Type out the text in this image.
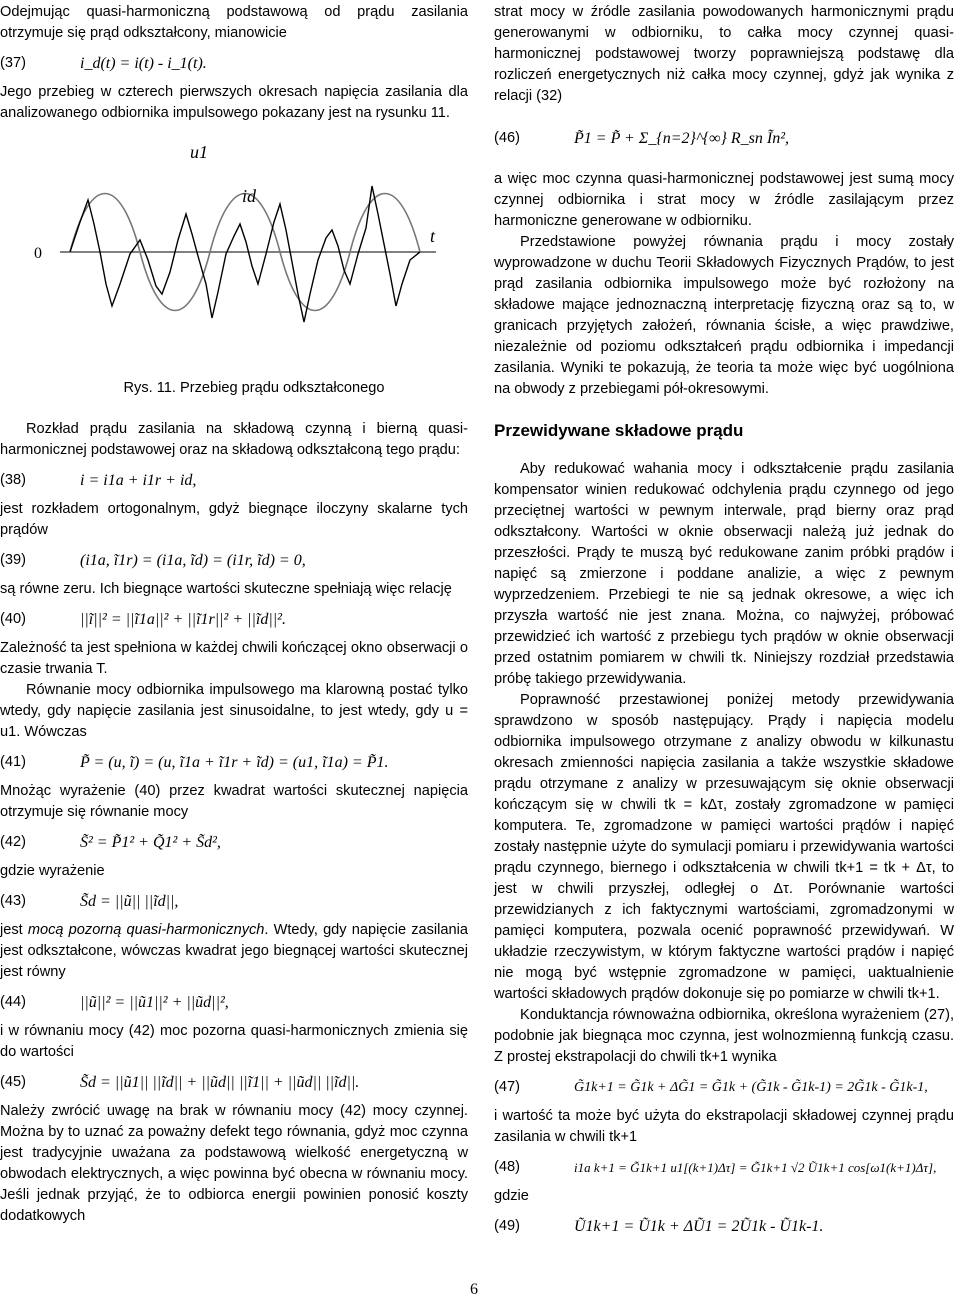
Odejmując quasi-harmoniczną podstawową od prądu zasilania otrzymuje się prąd odkształcony, mianowicie

(37)	i_d(t) = i(t) - i_1(t).

Jego przebieg w czterech pierwszych okresach napięcia zasilania dla analizowanego odbiornika impulsowego pokazany jest na rysunku 11.

u1
id
t
0
Rys. 11. Przebieg prądu odkształconego

Rozkład prądu zasilania na składową czynną i bierną quasi-harmonicznej podstawowej oraz na składową odkształconą tego prądu:

(38)	i = i1a + i1r + id,

jest rozkładem ortogonalnym, gdyż biegnące iloczyny skalarne tych prądów

(39)	(i1a, ĩ1r) = (i1a, ĩd) = (i1r, ĩd) = 0,

są równe zeru. Ich biegnące wartości skuteczne spełniają więc relację

(40)	||ĩ||² = ||ĩ1a||² + ||ĩ1r||² + ||ĩd||².

Zależność ta jest spełniona w każdej chwili kończącej okno obserwacji o czasie trwania T.

Równanie mocy odbiornika impulsowego ma klarowną postać tylko wtedy, gdy napięcie zasilania jest sinusoidalne, to jest wtedy, gdy u = u1. Wówczas

(41)	P̃ = (u, ĩ) = (u, ĩ1a + ĩ1r + ĩd) = (u1, ĩ1a) = P̃1.

Mnożąc wyrażenie (40) przez kwadrat wartości skutecznej napięcia otrzymuje się równanie mocy

(42)	S̃² = P̃1² + Q̃1² + S̃d²,

gdzie wyrażenie

(43)	S̃d = ||ũ|| ||ĩd||,

jest mocą pozorną quasi-harmonicznych. Wtedy, gdy napięcie zasilania jest odkształcone, wówczas kwadrat jego biegnącej wartości skutecznej jest równy

(44)	||ũ||² = ||ũ1||² + ||ũd||²,

i w równaniu mocy (42) moc pozorna quasi-harmonicznych zmienia się do wartości

(45)	S̃d = ||ũ1|| ||ĩd|| + ||ũd|| ||ĩ1|| + ||ũd|| ||ĩd||.

Należy zwrócić uwagę na brak w równaniu mocy (42) mocy czynnej. Można by to uznać za poważny defekt tego równania, gdyż moc czynna jest tradycyjnie uważana za podstawową wielkość energetyczną w obwodach elektrycznych, a więc powinna być obecna w równaniu mocy. Jeśli jednak przyjąć, że to odbiorca energii powinien ponosić koszty dodatkowych

strat mocy w źródle zasilania powodowanych harmonicznymi prądu generowanymi w odbiorniku, to całka mocy czynnej quasi-harmonicznej podstawowej tworzy poprawniejszą podstawę dla rozliczeń energetycznych niż całka mocy czynnej, gdyż jak wynika z relacji (32)

(46)	P̃1 = P̃ + Σ_{n=2}^{∞} R_sn Ĩn²,

a więc moc czynna quasi-harmonicznej podstawowej jest sumą mocy czynnej odbiornika i strat mocy w źródle zasilającym przez harmoniczne generowane w odbiorniku.

Przedstawione powyżej równania prądu i mocy zostały wyprowadzone w duchu Teorii Składowych Fizycznych Prądów, to jest prąd zasilania odbiornika impulsowego może być rozłożony na składowe mające jednoznaczną interpretację fizyczną oraz są to, w granicach przyjętych założeń, równania ścisłe, a więc prawdziwe, niezależnie od poziomu odkształceń prądu odbiornika i impedancji zasilania. Wyniki te pokazują, że teoria ta może więc być uogólniona na obwody z przebiegami pół-okresowymi.

Przewidywane składowe prądu

Aby redukować wahania mocy i odkształcenie prądu zasilania kompensator winien redukować odchylenia prądu czynnego od jego przeciętnej wartości w pewnym interwale, prąd bierny oraz prąd odkształcony. Wartości w oknie obserwacji należą już jednak do przeszłości. Prądy te muszą być redukowane zanim próbki prądów i napięć są zmierzone i poddane analizie, a więc z pewnym wyprzedzeniem. Przebiegi te nie są jednak okresowe, a więc ich przyszła wartość nie jest znana. Można, co najwyżej, próbować przewidzieć ich wartość z przebiegu tych prądów w oknie obserwacji przed ostatnim pomiarem w chwili tk. Niniejszy rozdział przedstawia próbę takiego przewidywania.

Poprawność przestawionej poniżej metody przewidywania sprawdzono w sposób następujący. Prądy i napięcia modelu odbiornika impulsowego otrzymane z analizy obwodu w kilkunastu okresach zmienności napięcia zasilania a także wszystkie składowe prądu otrzymane z analizy w przesuwającym się oknie obserwacji kończącym się w chwili tk = kΔτ, zostały zgromadzone w pamięci komputera. Te, zgromadzone w pamięci wartości prądów i napięć zostały następnie użyte do symulacji pomiaru i przewidywania wartości prądu czynnego, biernego i odkształcenia w chwili tk+1 = tk + Δτ, to jest w chwili przyszłej, odległej o Δτ. Porównanie wartości przewidzianych z ich faktycznymi wartościami, zgromadzonymi w pamięci komputera, pozwala ocenić poprawność przewidywań. W układzie rzeczywistym, w którym faktyczne wartości prądów i napięć nie mogą być wstępnie zgromadzone w pamięci, uaktualnienie wartości składowych prądów dokonuje się po pomiarze w chwili tk+1.

Konduktancja równoważna odbiornika, określona wyrażeniem (27), podobnie jak biegnąca moc czynna, jest wolnozmienną funkcją czasu. Z prostej ekstrapolacji do chwili tk+1 wynika

(47)	G̃1k+1 = G̃1k + ΔG̃1 = G̃1k + (G̃1k - G̃1k-1) = 2G̃1k - G̃1k-1,

i wartość ta może być użyta do ekstrapolacji składowej czynnej prądu zasilania w chwili tk+1

(48)	i1a k+1 = G̃1k+1 u1[(k+1)Δτ] = G̃1k+1 √2 Ũ1k+1 cos[ω1(k+1)Δτ],

gdzie

(49)	Ũ1k+1 = Ũ1k + ΔŨ1 = 2Ũ1k - Ũ1k-1.
6
